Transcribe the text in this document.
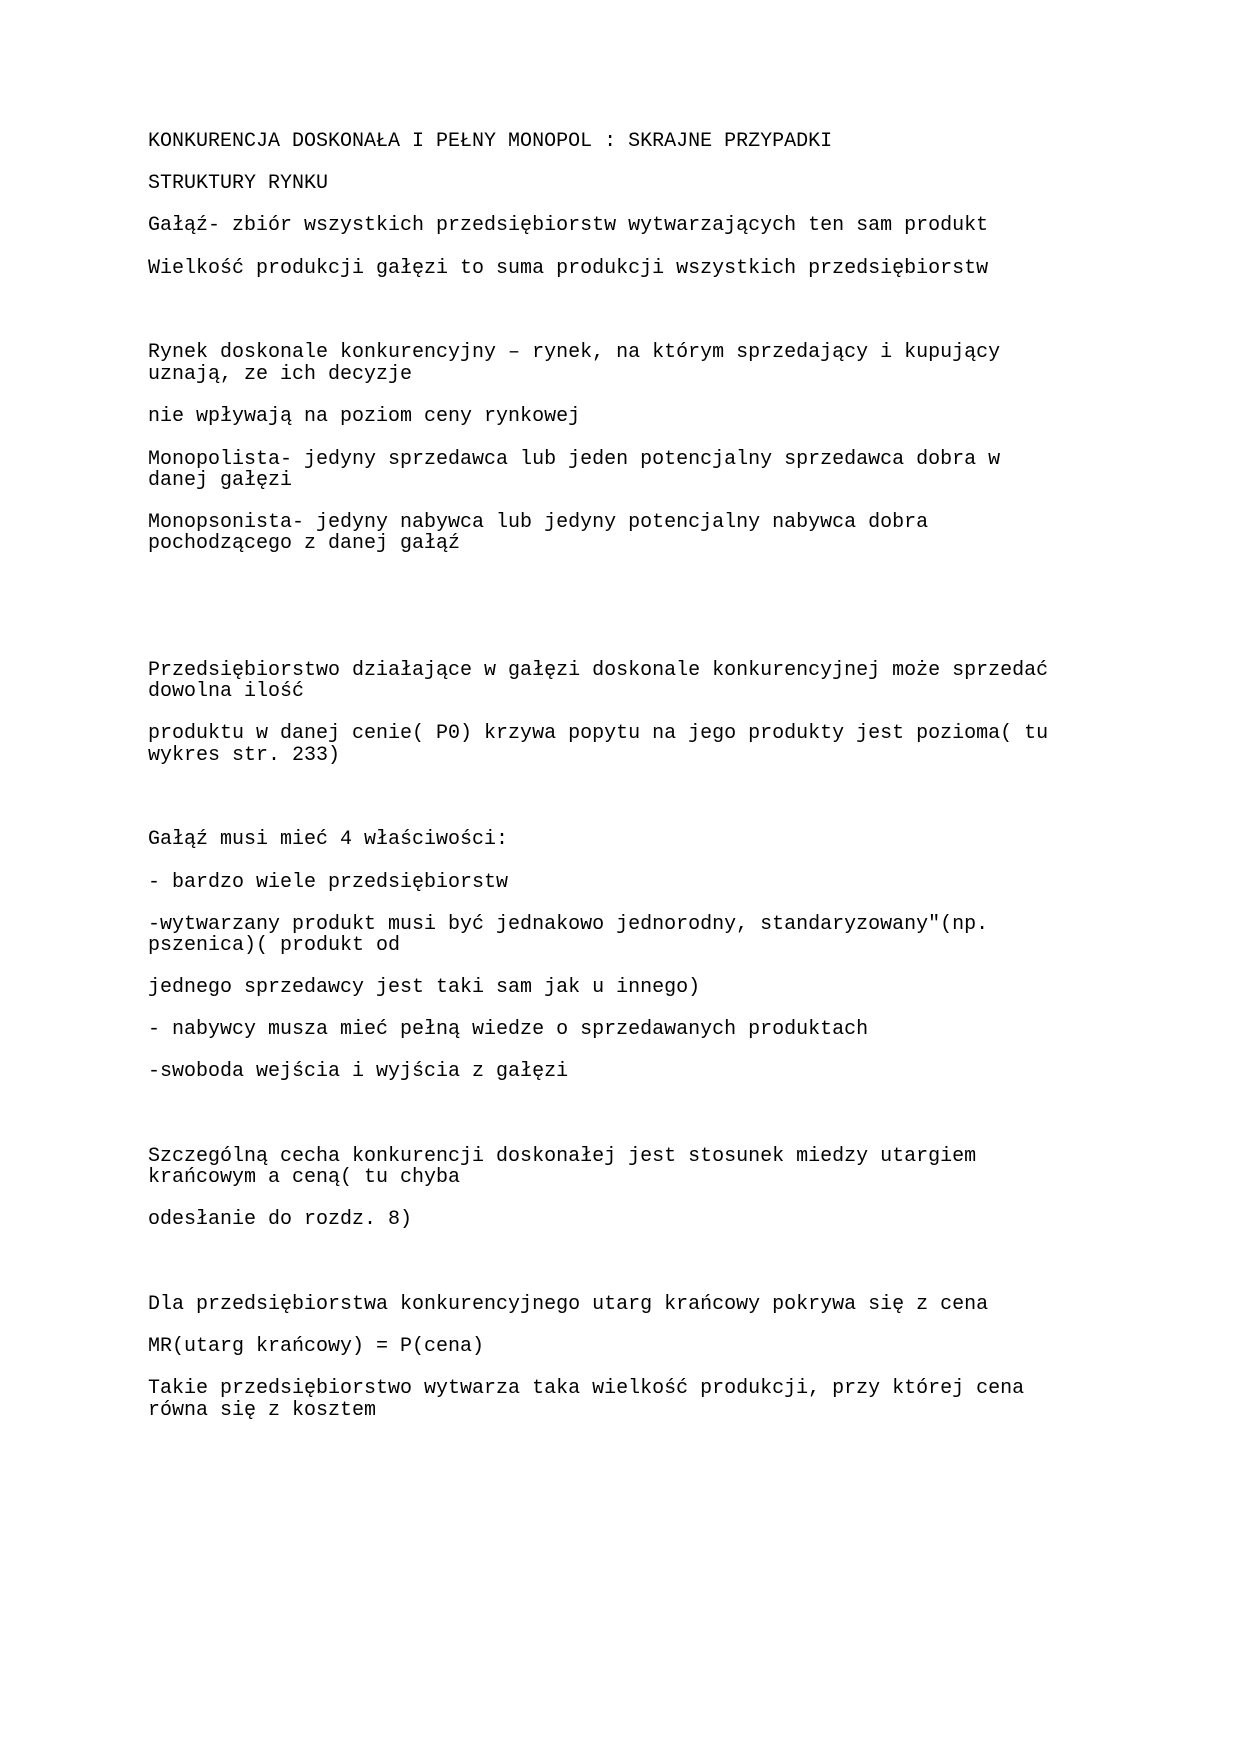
KONKURENCJA DOSKONAŁA I PEŁNY MONOPOL : SKRAJNE PRZYPADKI

STRUKTURY RYNKU

Gałąź- zbiór wszystkich przedsiębiorstw wytwarzających ten sam produkt

Wielkość produkcji gałęzi to suma produkcji wszystkich przedsiębiorstw

Rynek doskonale konkurencyjny – rynek, na którym sprzedający i kupujący

uznają, ze ich decyzje

nie wpływają na poziom ceny rynkowej

Monopolista- jedyny sprzedawca lub jeden potencjalny sprzedawca dobra w

danej gałęzi

Monopsonista- jedyny nabywca lub jedyny potencjalny nabywca dobra

pochodzącego z danej gałąź

Przedsiębiorstwo działające w gałęzi doskonale konkurencyjnej może sprzedać

dowolna ilość

produktu w danej cenie( P0) krzywa popytu na jego produkty jest pozioma( tu

wykres str. 233)

Gałąź musi mieć 4 właściwości:

- bardzo wiele przedsiębiorstw

-wytwarzany produkt musi być jednakowo jednorodny, standaryzowany"(np.

pszenica)( produkt od

jednego sprzedawcy jest taki sam jak u innego)

- nabywcy musza mieć pełną wiedze o sprzedawanych produktach

-swoboda wejścia i wyjścia z gałęzi

Szczególną cecha konkurencji doskonałej jest stosunek miedzy utargiem

krańcowym a ceną( tu chyba

odesłanie do rozdz. 8)

Dla przedsiębiorstwa konkurencyjnego utarg krańcowy pokrywa się z cena

MR(utarg krańcowy) = P(cena)

Takie przedsiębiorstwo wytwarza taka wielkość produkcji, przy której cena

równa się z kosztem
